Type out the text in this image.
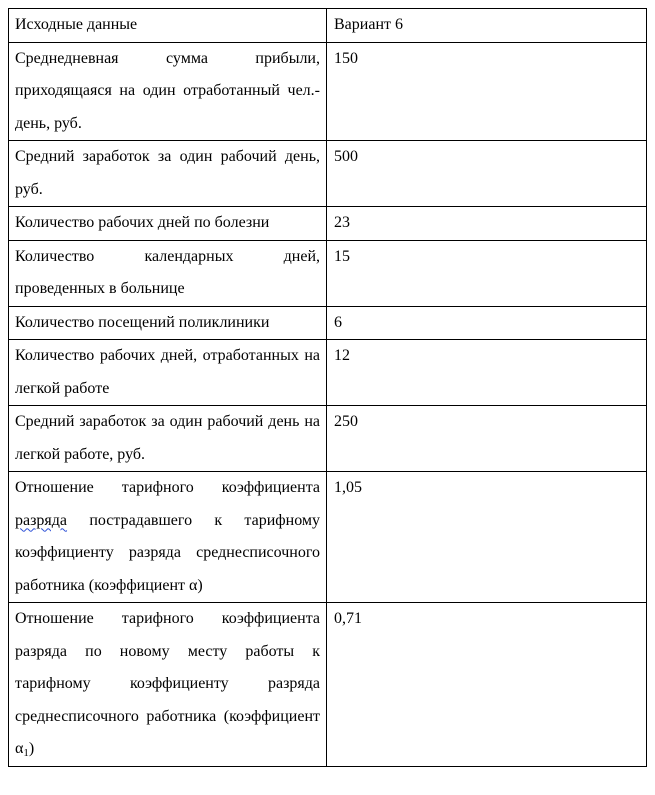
Исходные данные	Вариант 6
Среднедневная сумма прибыли, приходящаяся на один отработанный чел.- день, руб.	150
Средний заработок за один рабочий день, руб.	500
Количество рабочих дней по болезни	23
Количество календарных дней, проведенных в больнице	15
Количество посещений поликлиники	6
Количество рабочих дней, отработанных на легкой работе	12
Средний заработок за один рабочий день на легкой работе, руб.	250
Отношение тарифного коэффициента разряда пострадавшего к тарифному коэффициенту разряда среднесписочного работника (коэффициент α)	1,05
Отношение тарифного коэффициента разряда по новому месту работы к тарифному коэффициенту разряда среднесписочного работника (коэффициент $\alpha_1$)	0,71
